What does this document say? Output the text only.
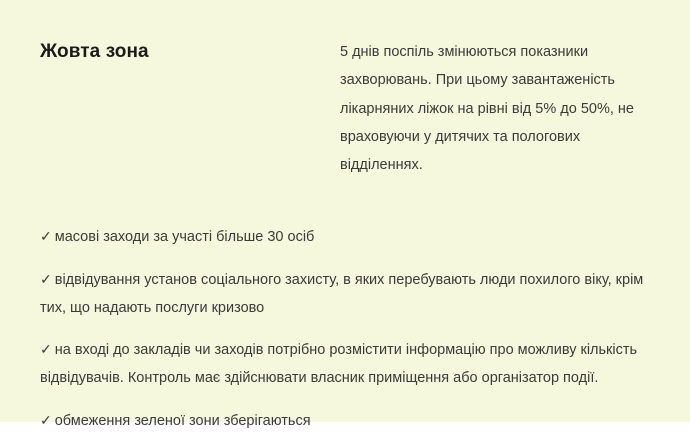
Жовта зона	5 днів поспіль змінюються показники захворювань. При цьому завантаженість лікарняних ліжок на рівні від 5% до 50%, не враховуючи у дитячих та пологових відділеннях.
✓ масові заходи за участі більше 30 осіб
✓ відвідування установ соціального захисту, в яких перебувають люди похилого віку, крім тих, що надають послуги кризово
✓ на вході до закладів чи заходів потрібно розмістити інформацію про можливу кількість відвідувачів. Контроль має здійснювати власник приміщення або організатор події.
✓ обмеження зеленої зони зберігаються
